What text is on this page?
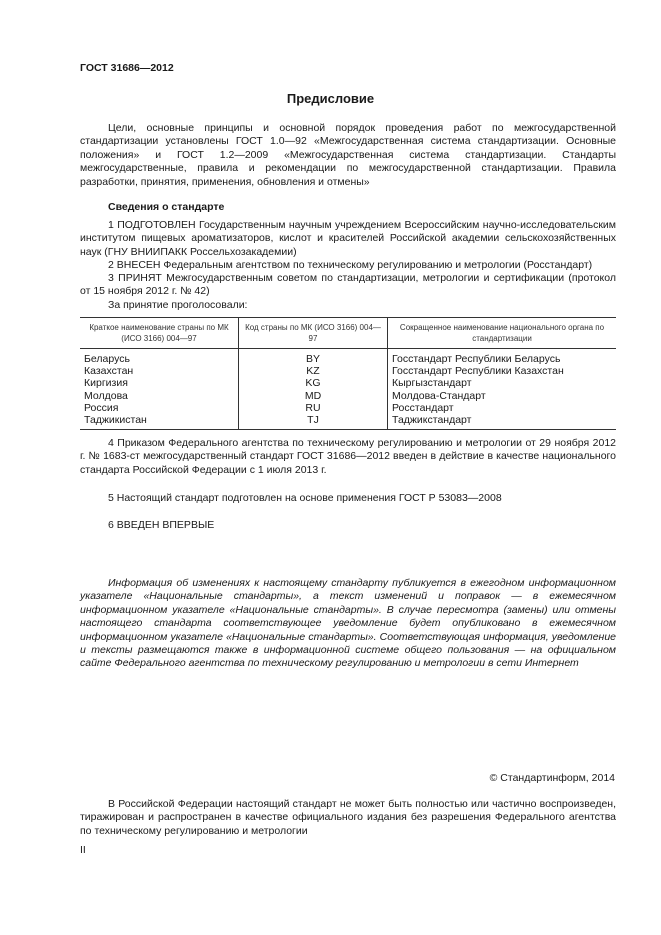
ГОСТ 31686—2012
Предисловие

Цели, основные принципы и основной порядок проведения работ по межгосударственной стандартизации установлены ГОСТ 1.0—92 «Межгосударственная система стандартизации. Основные положения» и ГОСТ 1.2—2009 «Межгосударственная система стандартизации. Стандарты межгосударственные, правила и рекомендации по межгосударственной стандартизации. Правила разработки, принятия, применения, обновления и отмены»

Сведения о стандарте

1 ПОДГОТОВЛЕН Государственным научным учреждением Всероссийским научно-исследовательским институтом пищевых ароматизаторов, кислот и красителей Российской академии сельскохозяйственных наук (ГНУ ВНИИПАКК Россельхозакадемии)

2 ВНЕСЕН Федеральным агентством по техническому регулированию и метрологии (Росстандарт)

3 ПРИНЯТ Межгосударственным советом по стандартизации, метрологии и сертификации (протокол от 15 ноября 2012 г. № 42)

За принятие проголосовали:

Краткое наименование страны по МК (ИСО 3166) 004—97	Код страны по МК (ИСО 3166) 004—97	Сокращенное наименование национального органа по стандартизации
Беларусь	BY	Госстандарт Республики Беларусь
Казахстан	KZ	Госстандарт Республики Казахстан
Киргизия	KG	Кыргызстандарт
Молдова	MD	Молдова-Стандарт
Россия	RU	Росстандарт
Таджикистан	TJ	Таджикстандарт

4 Приказом Федерального агентства по техническому регулированию и метрологии от 29 ноября 2012 г. № 1683-ст межгосударственный стандарт ГОСТ 31686—2012 введен в действие в качестве национального стандарта Российской Федерации с 1 июля 2013 г.

5 Настоящий стандарт подготовлен на основе применения ГОСТ Р 53083—2008

6 ВВЕДЕН ВПЕРВЫЕ

Информация об изменениях к настоящему стандарту публикуется в ежегодном информационном указателе «Национальные стандарты», а текст изменений и поправок — в ежемесячном информационном указателе «Национальные стандарты». В случае пересмотра (замены) или отмены настоящего стандарта соответствующее уведомление будет опубликовано в ежемесячном информационном указателе «Национальные стандарты». Соответствующая информация, уведомление и тексты размещаются также в информационной системе общего пользования — на официальном сайте Федерального агентства по техническому регулированию и метрологии в сети Интернет

© Стандартинформ, 2014

В Российской Федерации настоящий стандарт не может быть полностью или частично воспроизведен, тиражирован и распространен в качестве официального издания без разрешения Федерального агентства по техническому регулированию и метрологии

II
